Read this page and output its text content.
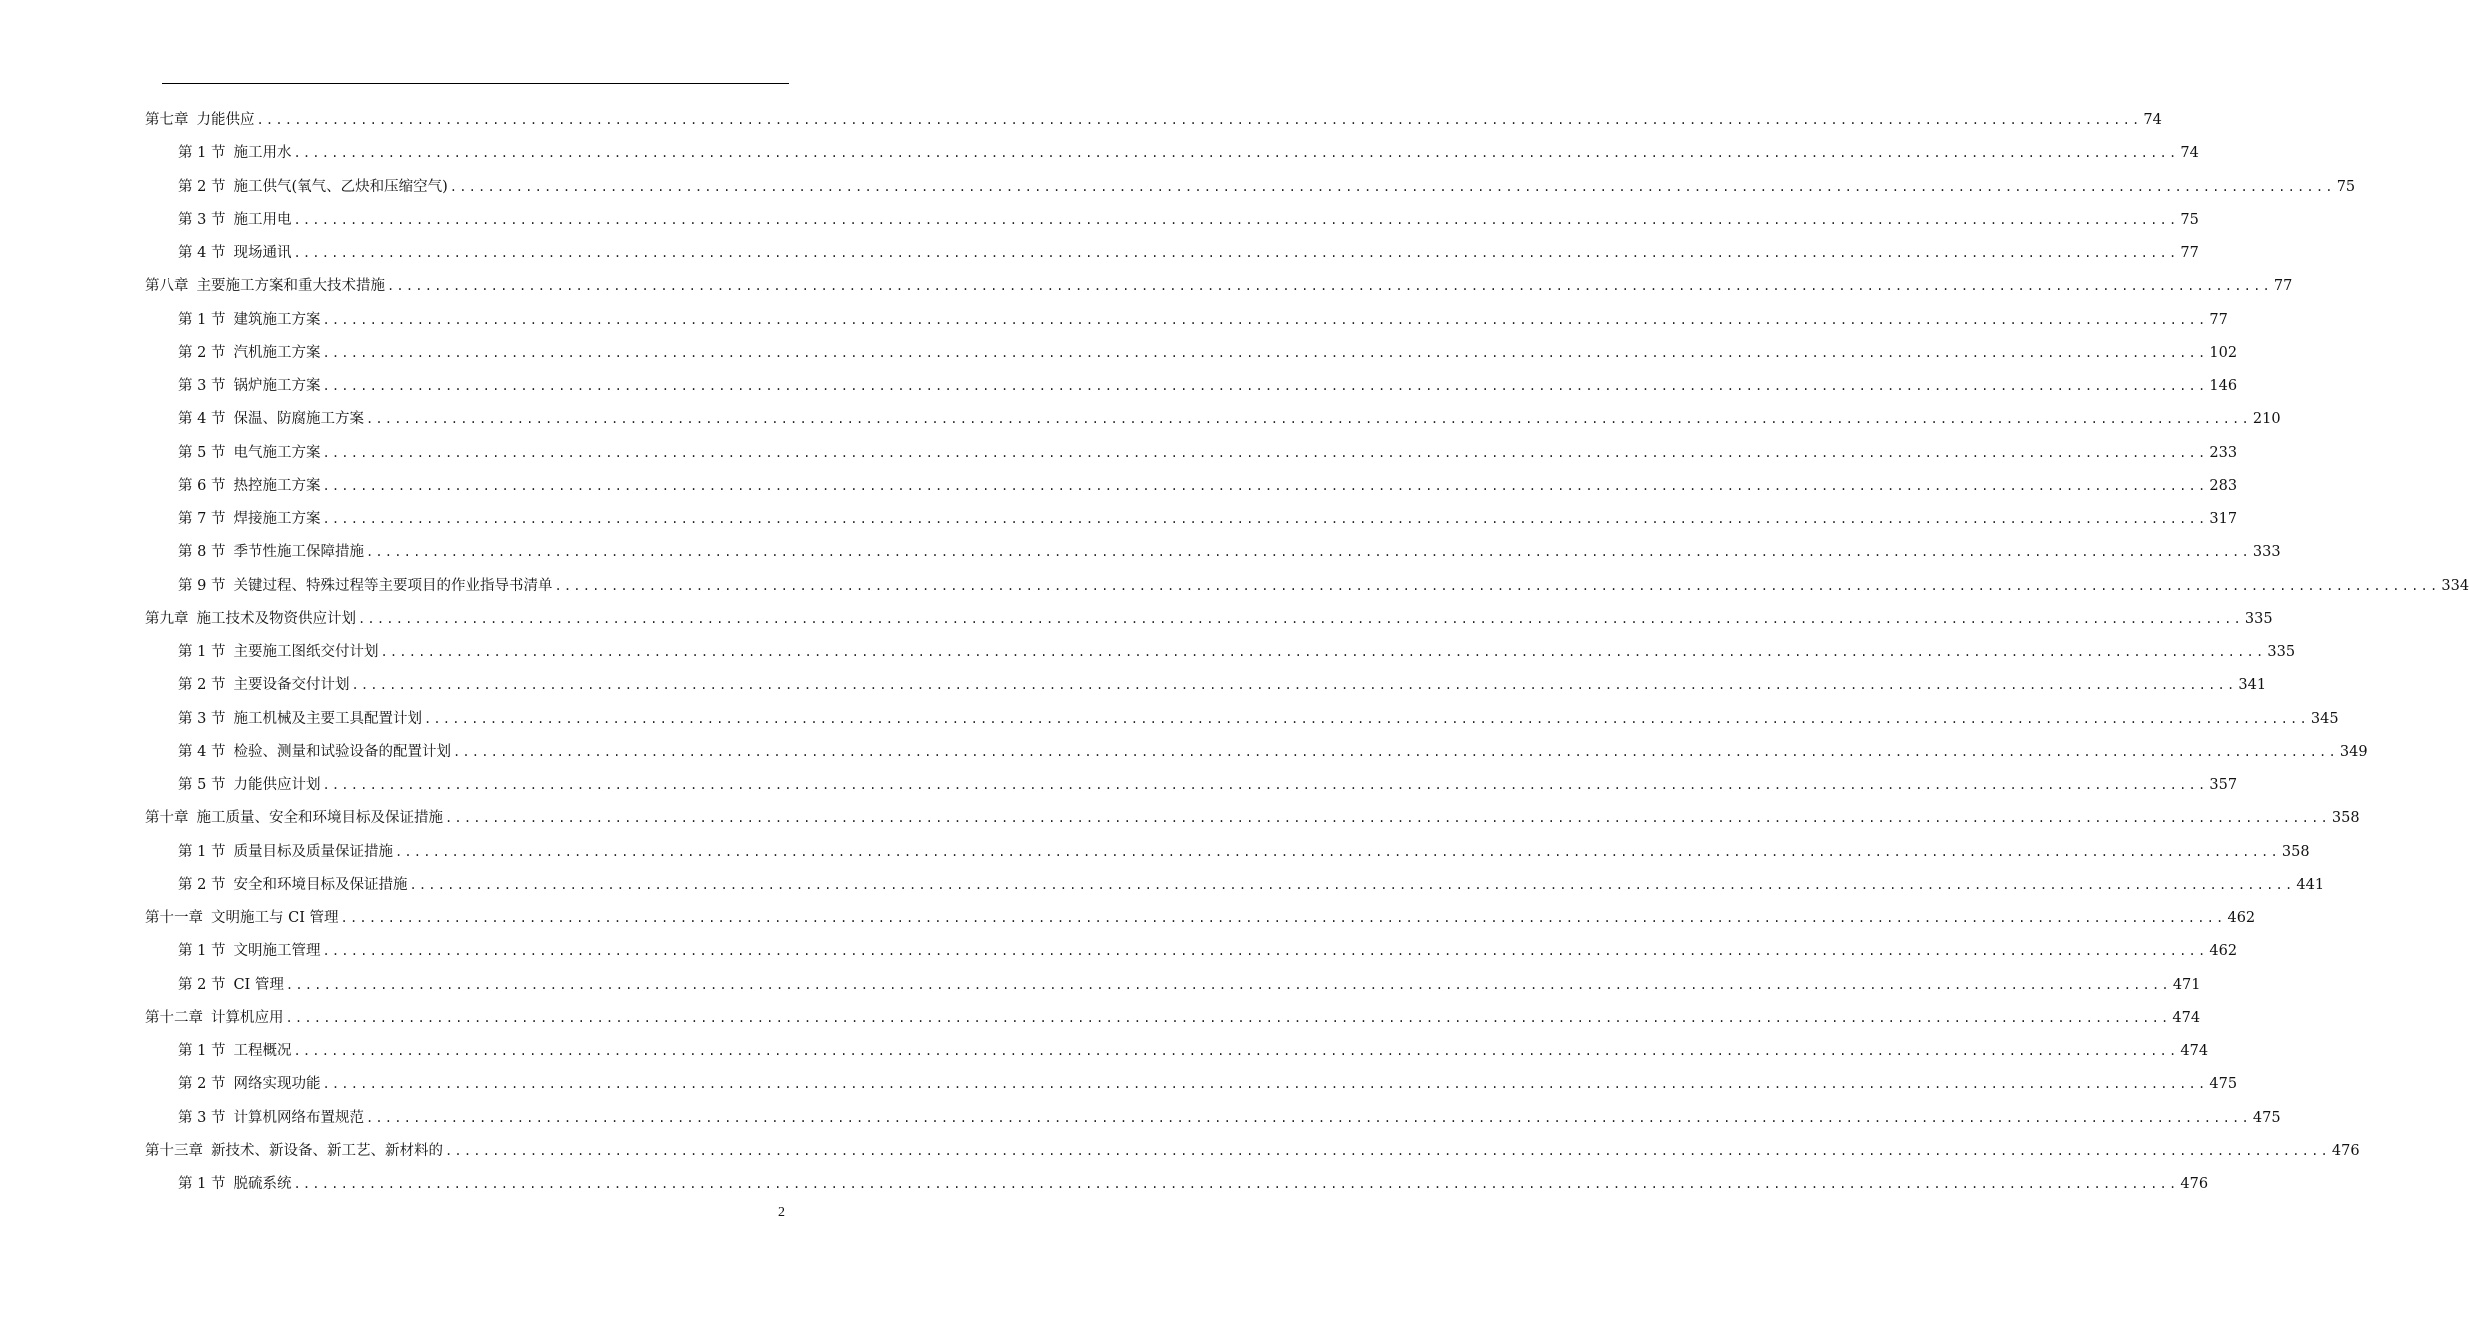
第七章 力能供应 ........................................................................................................................................................................................................ 74
第 1 节 施工用水 ........................................................................................................................................................................................................ 74
第 2 节 施工供气(氧气、乙炔和压缩空气) ........................................................................................................................................................................................................ 75
第 3 节 施工用电 ........................................................................................................................................................................................................ 75
第 4 节 现场通讯 ........................................................................................................................................................................................................ 77
第八章 主要施工方案和重大技术措施 ........................................................................................................................................................................................................ 77
第 1 节 建筑施工方案 ........................................................................................................................................................................................................ 77
第 2 节 汽机施工方案 ........................................................................................................................................................................................................ 102
第 3 节 锅炉施工方案 ........................................................................................................................................................................................................ 146
第 4 节 保温、防腐施工方案 ........................................................................................................................................................................................................ 210
第 5 节 电气施工方案 ........................................................................................................................................................................................................ 233
第 6 节 热控施工方案 ........................................................................................................................................................................................................ 283
第 7 节 焊接施工方案 ........................................................................................................................................................................................................ 317
第 8 节 季节性施工保障措施 ........................................................................................................................................................................................................ 333
第 9 节 关键过程、特殊过程等主要项目的作业指导书清单 ........................................................................................................................................................................................................ 334
第九章 施工技术及物资供应计划 ........................................................................................................................................................................................................ 335
第 1 节 主要施工图纸交付计划 ........................................................................................................................................................................................................ 335
第 2 节 主要设备交付计划 ........................................................................................................................................................................................................ 341
第 3 节 施工机械及主要工具配置计划 ........................................................................................................................................................................................................ 345
第 4 节 检验、测量和试验设备的配置计划 ........................................................................................................................................................................................................ 349
第 5 节 力能供应计划 ........................................................................................................................................................................................................ 357
第十章 施工质量、安全和环境目标及保证措施 ........................................................................................................................................................................................................ 358
第 1 节 质量目标及质量保证措施 ........................................................................................................................................................................................................ 358
第 2 节 安全和环境目标及保证措施 ........................................................................................................................................................................................................ 441
第十一章 文明施工与 CI 管理 ........................................................................................................................................................................................................ 462
第 1 节 文明施工管理 ........................................................................................................................................................................................................ 462
第 2 节 CI 管理 ........................................................................................................................................................................................................ 471
第十二章 计算机应用 ........................................................................................................................................................................................................ 474
第 1 节 工程概况 ........................................................................................................................................................................................................ 474
第 2 节 网络实现功能 ........................................................................................................................................................................................................ 475
第 3 节 计算机网络布置规范 ........................................................................................................................................................................................................ 475
第十三章 新技术、新设备、新工艺、新材料的 ........................................................................................................................................................................................................ 476
第 1 节 脱硫系统 ........................................................................................................................................................................................................ 476
2
